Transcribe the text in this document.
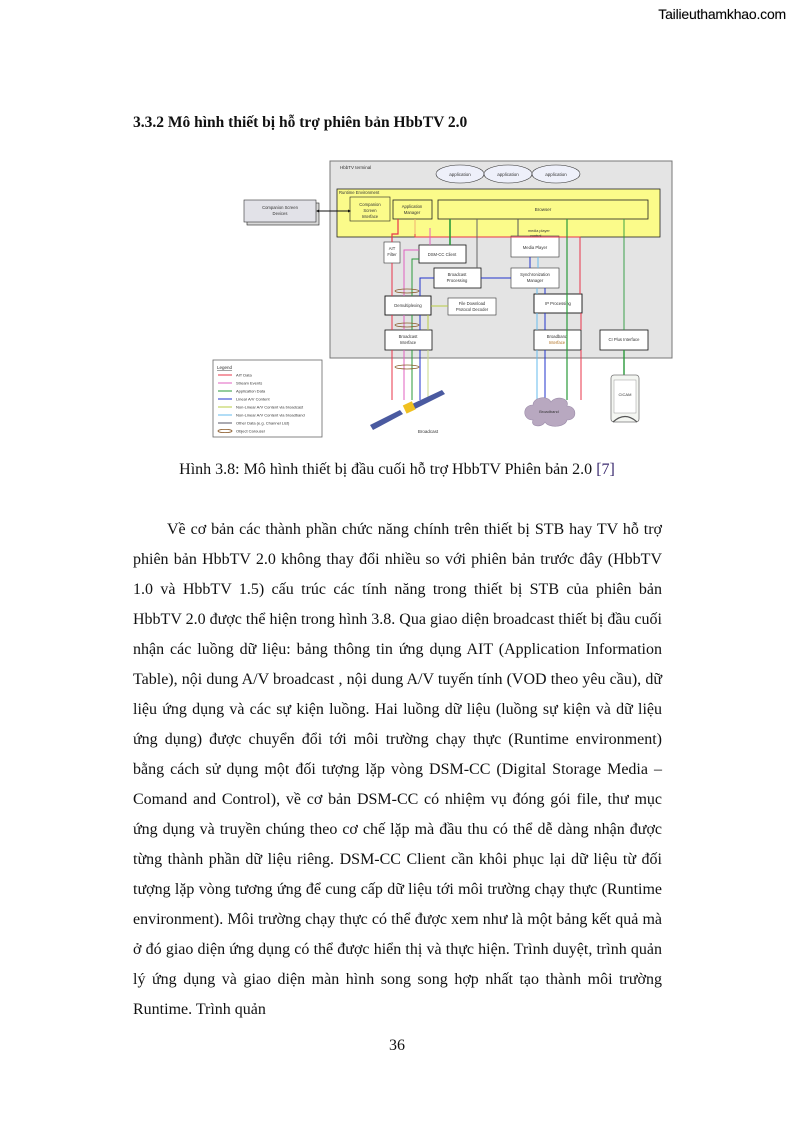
Tailieuthamkhao.com
3.3.2 Mô hình thiết bị hỗ trợ phiên bản HbbTV 2.0
HbbTV terminal
application	application	application
Runtime Environment
Companion
Screen
Interface
Application
Manager
Browser
Companion Screen
Devices
AIT
Filter	DSM-CC Client
Broadcast
Processing
Media Player
media player
control
Synchronization
Manager
Demultiplexing	File Download
Protocol Decoder
IP Processing
Broadcast
Interface
Broadband
Interface
CI Plus Interface
Broadcast
Broadband
CICAM
Legend
AIT Data
Stream Events
Application Data
Linear A/V Content
Non-Linear A/V Content via broadcast
Non-Linear A/V Content via broadband
Other Data (e.g. Channel List)
Object Carousel
Hình 3.8: Mô hình thiết bị đầu cuối hỗ trợ HbbTV Phiên bản 2.0 [7]
Về cơ bản các thành phần chức năng chính trên thiết bị STB hay TV hỗ trợ phiên bản HbbTV 2.0 không thay đổi nhiều so với phiên bản trước đây (HbbTV 1.0 và HbbTV 1.5) cấu trúc các tính năng trong thiết bị STB của phiên bản HbbTV 2.0 được thể hiện trong hình 3.8. Qua giao diện broadcast thiết bị đầu cuối nhận các luồng dữ liệu: bảng thông tin ứng dụng AIT (Application Information Table), nội dung A/V broadcast , nội dung A/V tuyến tính (VOD theo yêu cầu), dữ liệu ứng dụng và các sự kiện luồng. Hai luồng dữ liệu (luồng sự kiện và dữ liệu ứng dụng) được chuyển đổi tới môi trường chạy thực (Runtime environment) bằng cách sử dụng một đối tượng lặp vòng DSM-CC (Digital Storage Media – Comand and Control), về cơ bản DSM-CC có nhiệm vụ đóng gói file, thư mục ứng dụng và truyền chúng theo cơ chế lặp mà đầu thu có thể dễ dàng nhận được từng thành phần dữ liệu riêng. DSM-CC Client cần khôi phục lại dữ liệu từ đối tượng lặp vòng tương ứng để cung cấp dữ liệu tới môi trường chạy thực (Runtime environment). Môi trường chạy thực có thể được xem như là một bảng kết quả mà ở đó giao diện ứng dụng có thể được hiển thị và thực hiện. Trình duyệt, trình quản lý ứng dụng và giao diện màn hình song song hợp nhất tạo thành môi trường Runtime. Trình quản
36
